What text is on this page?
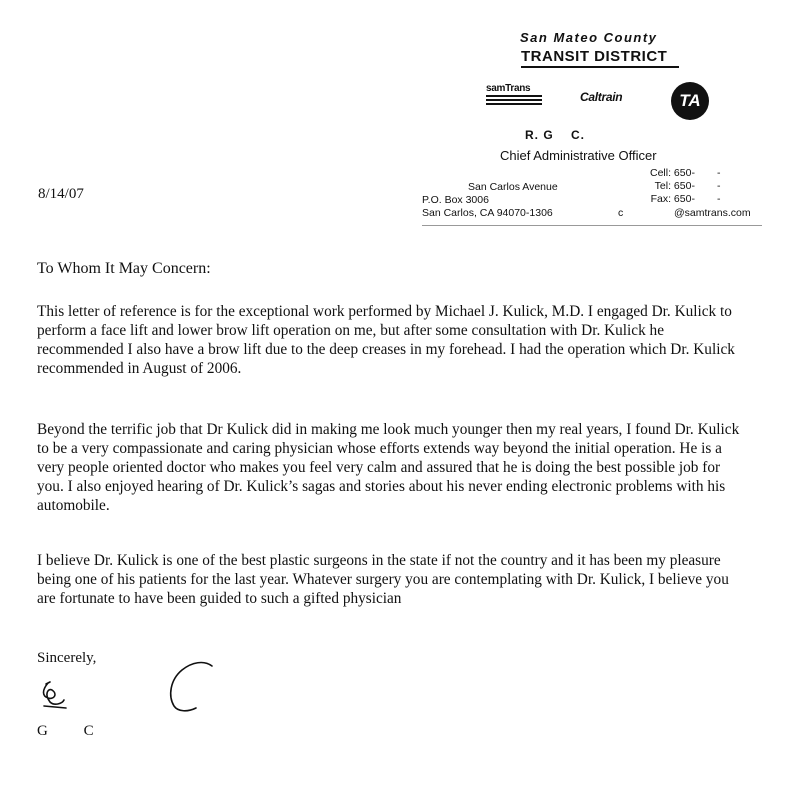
San Mateo County
TRANSIT DISTRICT
samTrans
Caltrain	TA
R. G    C.
Chief Administrative Officer
San Carlos Avenue
P.O. Box 3006
San Carlos, CA 94070-1306	c
Cell: 650- -
Tel: 650- -
Fax: 650- -
@samtrans.com
8/14/07
To Whom It May Concern:
This letter of reference is for the exceptional work performed by Michael J. Kulick, M.D. I engaged Dr. Kulick to perform a face lift and lower brow lift operation on me, but after some consultation with Dr. Kulick he recommended I also have a brow lift due to the deep creases in my forehead. I had the operation which Dr. Kulick recommended in August of 2006.
Beyond the terrific job that Dr Kulick did in making me look much younger then my real years, I found Dr. Kulick to be a very compassionate and caring physician whose efforts extends way beyond the initial operation. He is a very people oriented doctor who makes you feel very calm and assured that he is doing the best possible job for you. I also enjoyed hearing of Dr. Kulick’s sagas and stories about his never ending electronic problems with his automobile.
I believe Dr. Kulick is one of the best plastic surgeons in the state if not the country and it has been my pleasure being one of his patients for the last year. Whatever surgery you are contemplating with Dr. Kulick, I believe you are fortunate to have been guided to such a gifted physician
Sincerely,
G C
